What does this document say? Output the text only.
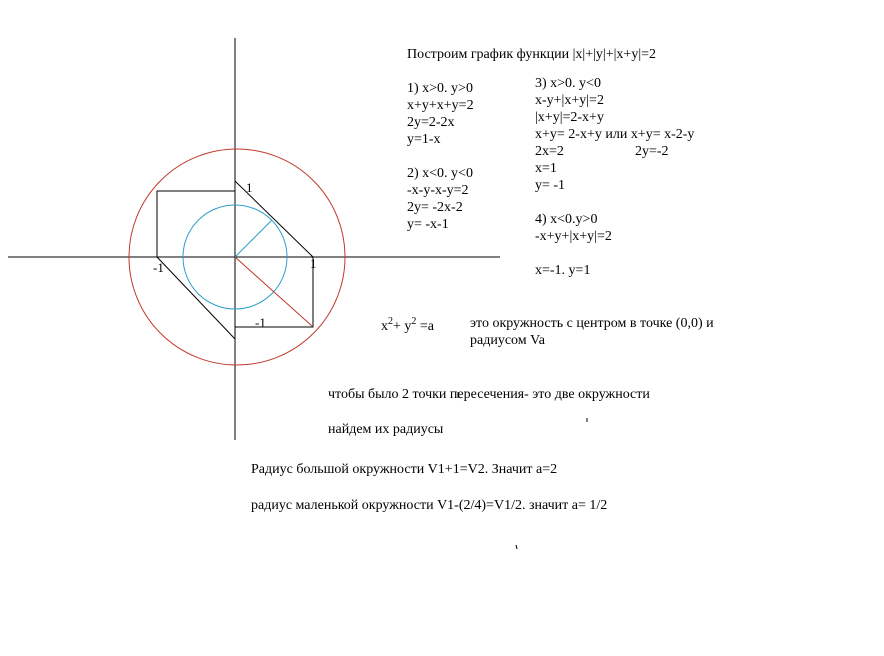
1
-1	1
-1
Построим график функции |x|+|y|+|x+y|=2
1) x>0. y>0
x+y+x+y=2
2y=2-2x
y=1-x
2) x<0. y<0
-x-y-x-y=2
2y= -2x-2
y= -x-1
3) x>0. y<0
x-y+|x+y|=2
|x+y|=2-x+y
x+y= 2-x+y или x+y= x-2-y
2x=2	2y=-2
x=1
y= -1
4) x<0.y>0
-x+y+|x+y|=2
x=-1. y=1
$x^2+ y^2 =a$	это окружность с центром в точке (0,0) и
радиусом Va
чтобы было 2 точки пересечения- это две окружности
найдем их радиусы
Радиус большой окружности V1+1=V2. Значит a=2
радиус маленькой окружности V1-(2/4)=V1/2. значит a= 1/2
